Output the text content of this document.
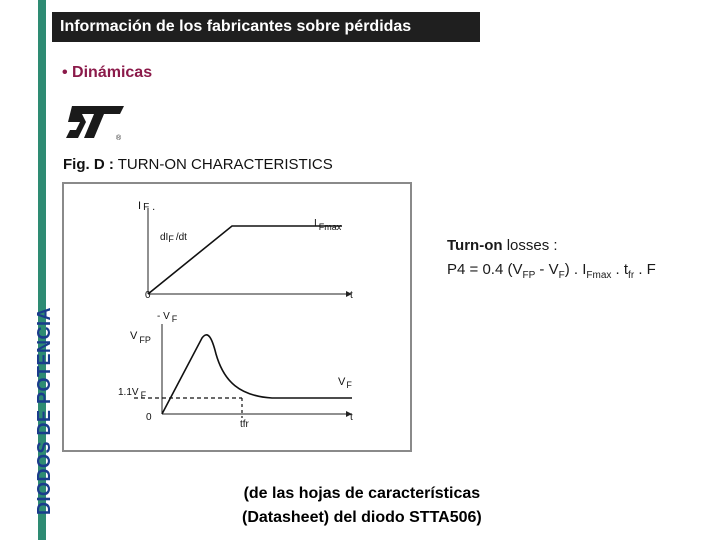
DIODOS DE POTENCIA
Información de los fabricantes sobre pérdidas
• Dinámicas
®
Fig. D : TURN-ON CHARACTERISTICS
I F .
dIF /dt
I Fmax
0	t
- V F
V $_{FP}$
$V_F$
1.1V F
0	t
tfr
Turn-on losses :
P4 = 0.4 $(V_{FP} - V_F)$ . $I_{Fmax}$ . $t_{fr}$ . F
(de las hojas de características
(Datasheet) del diodo STTA506)
